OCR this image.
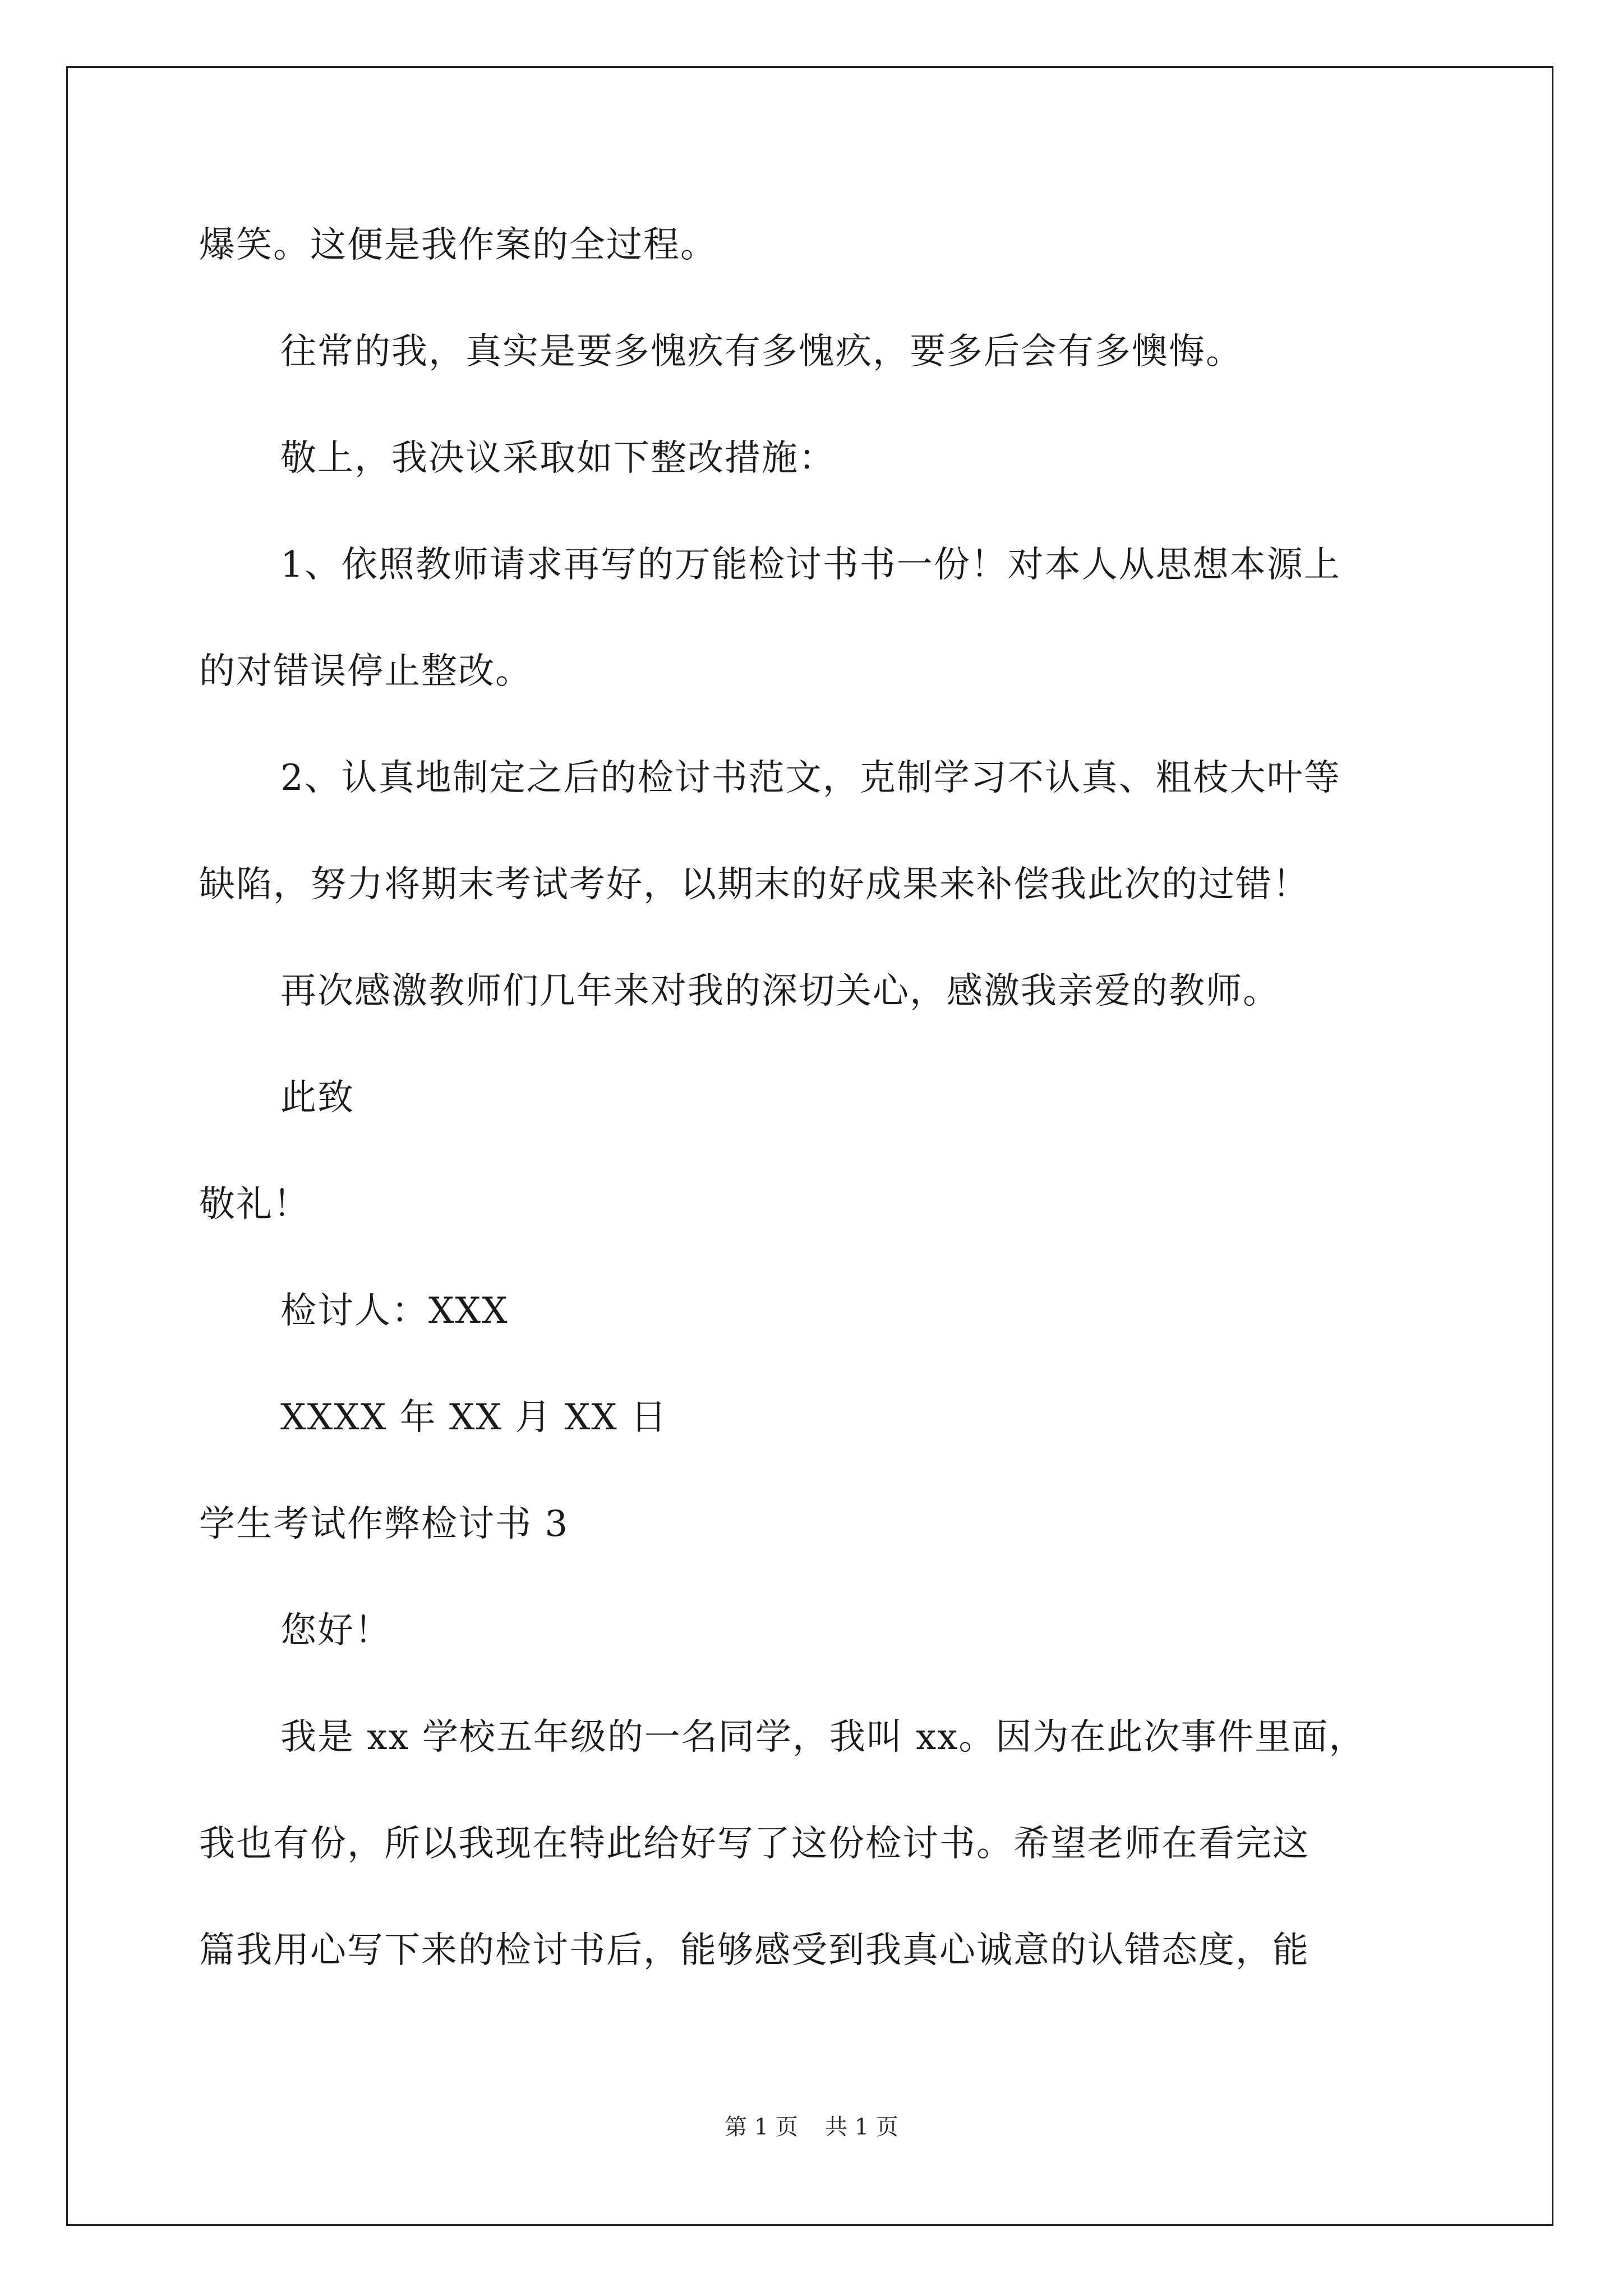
爆笑。这便是我作案的全过程。
往常的我，真实是要多愧疚有多愧疚，要多后会有多懊悔。
敬上，我决议采取如下整改措施：
1、依照教师请求再写的万能检讨书书一份！对本人从思想本源上
的对错误停止整改。
2、认真地制定之后的检讨书范文，克制学习不认真、粗枝大叶等
缺陷，努力将期末考试考好，以期末的好成果来补偿我此次的过错！
再次感激教师们几年来对我的深切关心，感激我亲爱的教师。
此致
敬礼！
检讨人：XXX
XXXX 年 XX 月 XX 日
学生考试作弊检讨书 3
您好！
我是 xx 学校五年级的一名同学，我叫 xx。因为在此次事件里面，
我也有份，所以我现在特此给好写了这份检讨书。希望老师在看完这
篇我用心写下来的检讨书后，能够感受到我真心诚意的认错态度，能
第 1 页 共 1 页
